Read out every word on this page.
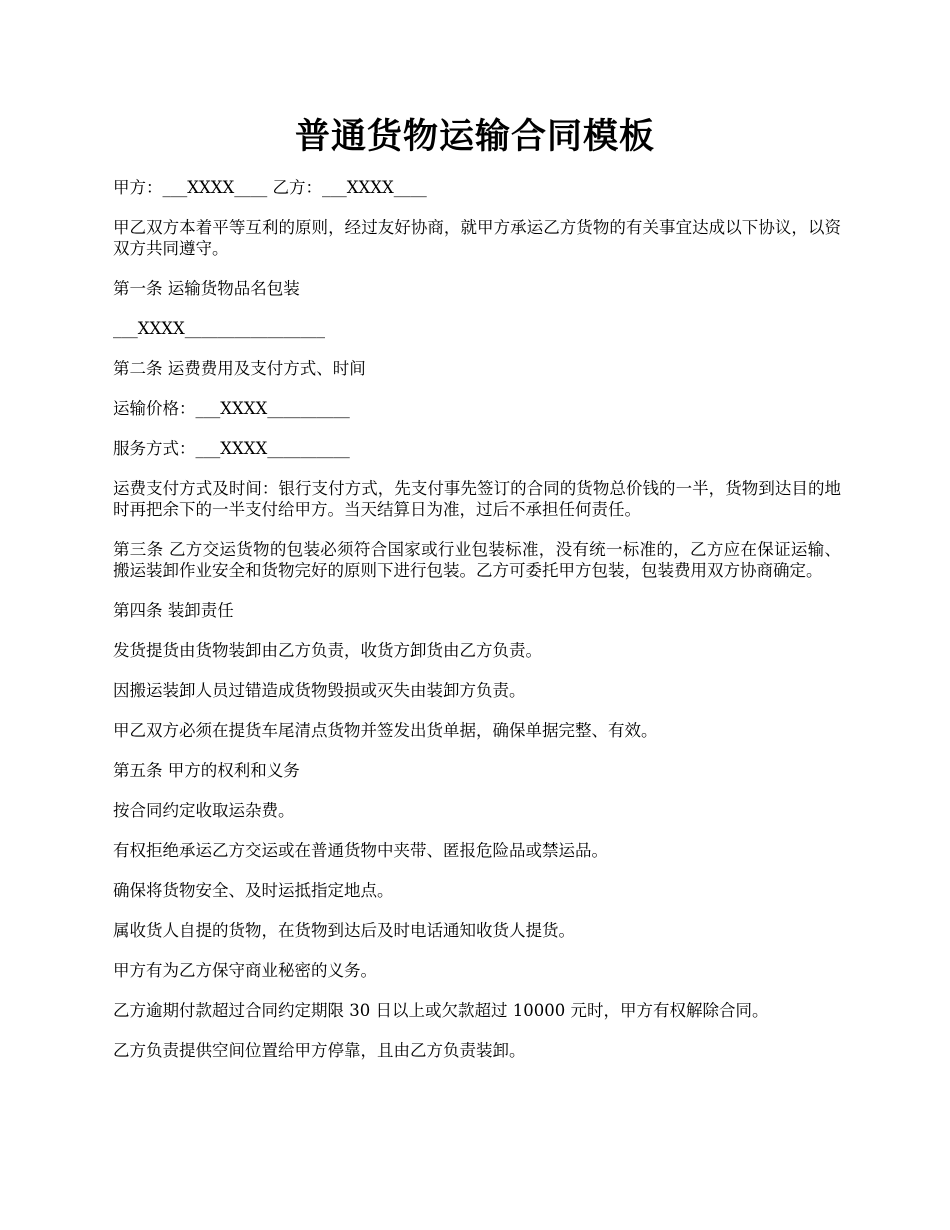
普通货物运输合同模板

甲方：___XXXX____ 乙方：___XXXX____

甲乙双方本着平等互利的原则，经过友好协商，就甲方承运乙方货物的有关事宜达成以下协议，以资双方共同遵守。

第一条 运输货物品名包装

___XXXX_________________

第二条 运费费用及支付方式、时间

运输价格：___XXXX__________

服务方式：___XXXX__________

运费支付方式及时间：银行支付方式，先支付事先签订的合同的货物总价钱的一半，货物到达目的地时再把余下的一半支付给甲方。当天结算日为准，过后不承担任何责任。

第三条 乙方交运货物的包装必须符合国家或行业包装标准，没有统一标准的，乙方应在保证运输、搬运装卸作业安全和货物完好的原则下进行包装。乙方可委托甲方包装，包装费用双方协商确定。

第四条 装卸责任

发货提货由货物装卸由乙方负责，收货方卸货由乙方负责。

因搬运装卸人员过错造成货物毁损或灭失由装卸方负责。

甲乙双方必须在提货车尾清点货物并签发出货单据，确保单据完整、有效。

第五条 甲方的权利和义务

按合同约定收取运杂费。

有权拒绝承运乙方交运或在普通货物中夹带、匿报危险品或禁运品。

确保将货物安全、及时运抵指定地点。

属收货人自提的货物，在货物到达后及时电话通知收货人提货。

甲方有为乙方保守商业秘密的义务。

乙方逾期付款超过合同约定期限 30 日以上或欠款超过 10000 元时，甲方有权解除合同。

乙方负责提供空间位置给甲方停靠，且由乙方负责装卸。
